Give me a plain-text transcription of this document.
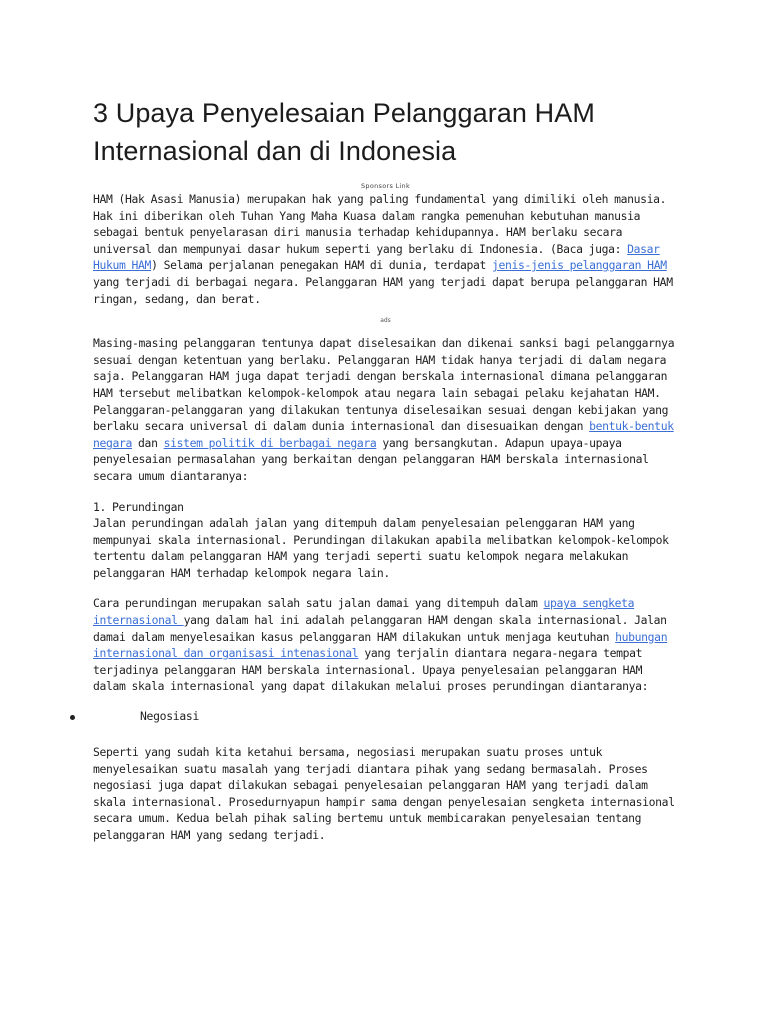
3 Upaya Penyelesaian Pelanggaran HAM Internasional dan di Indonesia
Sponsors Link

HAM (Hak Asasi Manusia) merupakan hak yang paling fundamental yang dimiliki oleh manusia. Hak ini diberikan oleh Tuhan Yang Maha Kuasa dalam rangka pemenuhan kebutuhan manusia sebagai bentuk penyelarasan diri manusia terhadap kehidupannya. HAM berlaku secara universal dan mempunyai dasar hukum seperti yang berlaku di Indonesia. (Baca juga: Dasar Hukum HAM) Selama perjalanan penegakan HAM di dunia, terdapat jenis-jenis pelanggaran HAM yang terjadi di berbagai negara. Pelanggaran HAM yang terjadi dapat berupa pelanggaran HAM ringan, sedang, dan berat.

ads

Masing-masing pelanggaran tentunya dapat diselesaikan dan dikenai sanksi bagi pelanggarnya sesuai dengan ketentuan yang berlaku. Pelanggaran HAM tidak hanya terjadi di dalam negara saja. Pelanggaran HAM juga dapat terjadi dengan berskala internasional dimana pelanggaran HAM tersebut melibatkan kelompok-kelompok atau negara lain sebagai pelaku kejahatan HAM. Pelanggaran-pelanggaran yang dilakukan tentunya diselesaikan sesuai dengan kebijakan yang berlaku secara universal di dalam dunia internasional dan disesuaikan dengan bentuk-bentuk negara dan sistem politik di berbagai negara yang bersangkutan. Adapun upaya-upaya penyelesaian permasalahan yang berkaitan dengan pelanggaran HAM berskala internasional secara umum diantaranya:

1. Perundingan
Jalan perundingan adalah jalan yang ditempuh dalam penyelesaian pelenggaran HAM yang mempunyai skala internasional. Perundingan dilakukan apabila melibatkan kelompok-kelompok tertentu dalam pelanggaran HAM yang terjadi seperti suatu kelompok negara melakukan pelanggaran HAM terhadap kelompok negara lain.

Cara perundingan merupakan salah satu jalan damai yang ditempuh dalam upaya sengketa internasional yang dalam hal ini adalah pelanggaran HAM dengan skala internasional. Jalan damai dalam menyelesaikan kasus pelanggaran HAM dilakukan untuk menjaga keutuhan hubungan internasional dan organisasi intenasional yang terjalin diantara negara-negara tempat terjadinya pelanggaran HAM berskala internasional. Upaya penyelesaian pelanggaran HAM dalam skala internasional yang dapat dilakukan melalui proses perundingan diantaranya:

Negosiasi

Seperti yang sudah kita ketahui bersama, negosiasi merupakan suatu proses untuk menyelesaikan suatu masalah yang terjadi diantara pihak yang sedang bermasalah. Proses negosiasi juga dapat dilakukan sebagai penyelesaian pelanggaran HAM yang terjadi dalam skala internasional. Prosedurnyapun hampir sama dengan penyelesaian sengketa internasional secara umum. Kedua belah pihak saling bertemu untuk membicarakan penyelesaian tentang pelanggaran HAM yang sedang terjadi.
